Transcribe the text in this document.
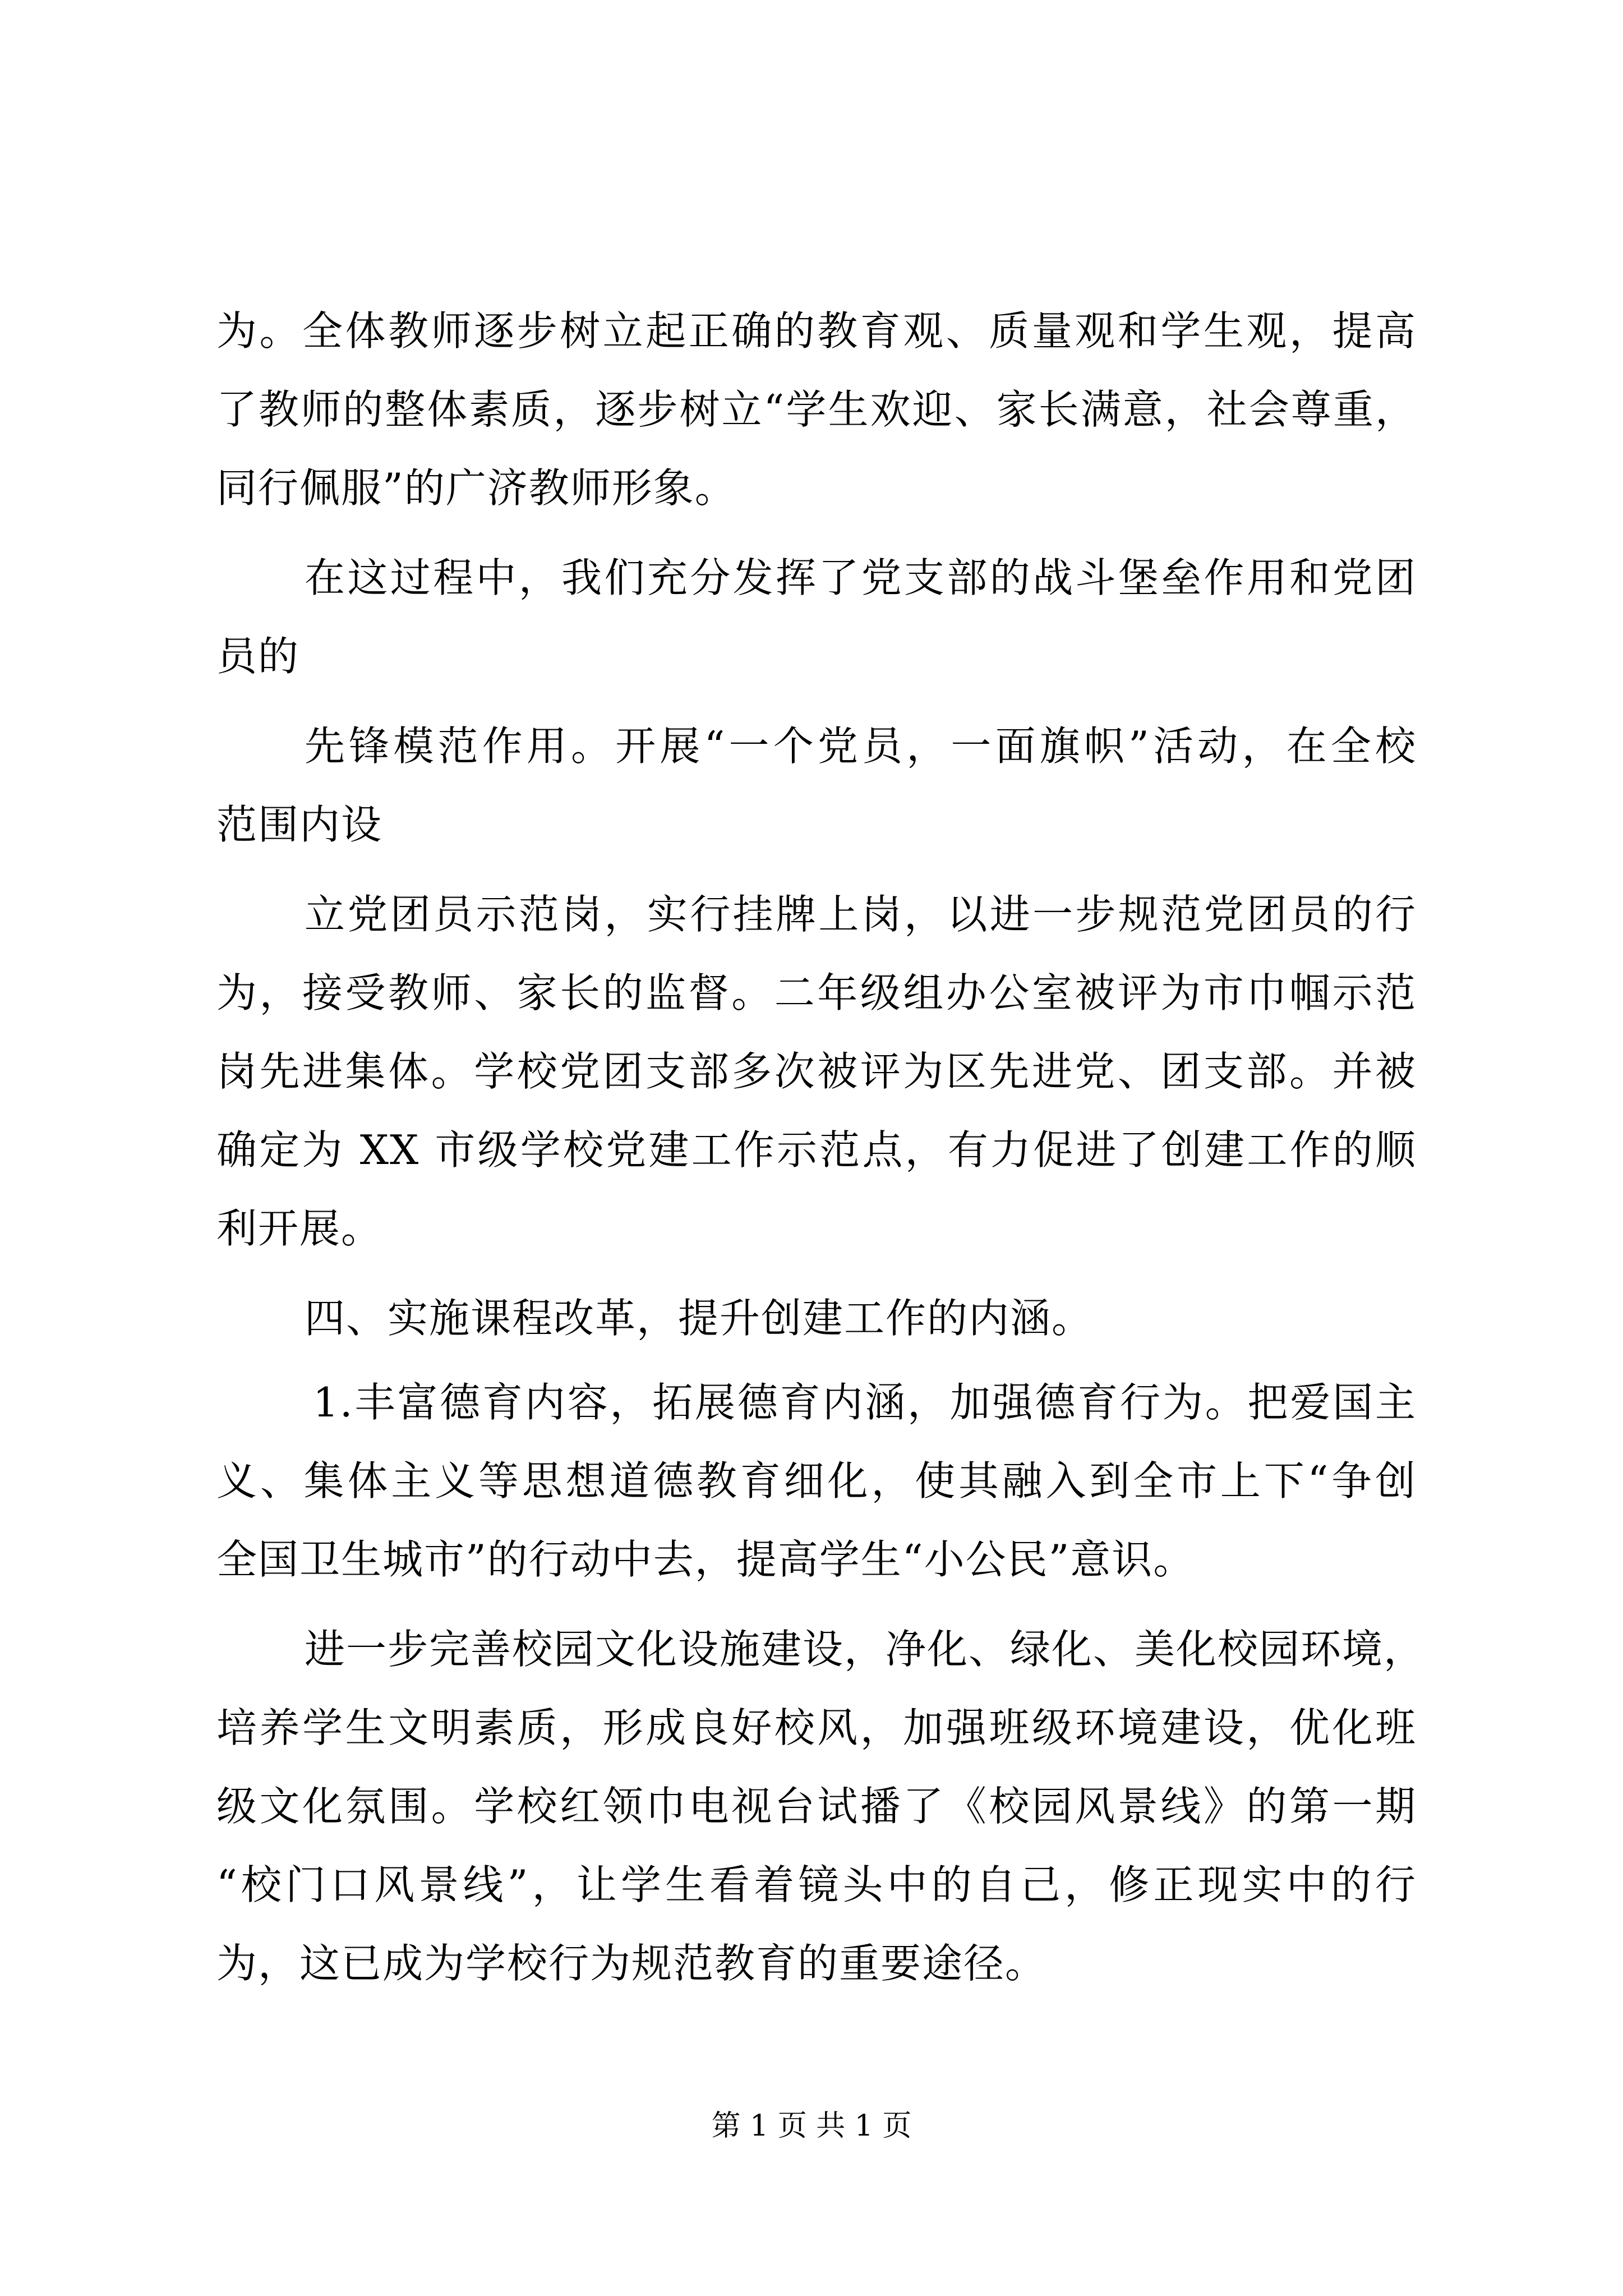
为。全体教师逐步树立起正确的教育观、质量观和学生观，提高
了教师的整体素质，逐步树立“学生欢迎、家长满意，社会尊重，
同行佩服”的广济教师形象。
在这过程中，我们充分发挥了党支部的战斗堡垒作用和党团
员的
先锋模范作用。开展“一个党员，一面旗帜”活动，在全校
范围内设
立党团员示范岗，实行挂牌上岗，以进一步规范党团员的行
为，接受教师、家长的监督。二年级组办公室被评为市巾帼示范
岗先进集体。学校党团支部多次被评为区先进党、团支部。并被
确定为 XX 市级学校党建工作示范点，有力促进了创建工作的顺
利开展。
四、实施课程改革，提升创建工作的内涵。
1.丰富德育内容，拓展德育内涵，加强德育行为。把爱国主
义、集体主义等思想道德教育细化，使其融入到全市上下“争创
全国卫生城市”的行动中去，提高学生“小公民”意识。
进一步完善校园文化设施建设，净化、绿化、美化校园环境，
培养学生文明素质，形成良好校风，加强班级环境建设，优化班
级文化氛围。学校红领巾电视台试播了《校园风景线》的第一期
“校门口风景线”，让学生看着镜头中的自己，修正现实中的行
为，这已成为学校行为规范教育的重要途径。
第 1 页 共 1 页
